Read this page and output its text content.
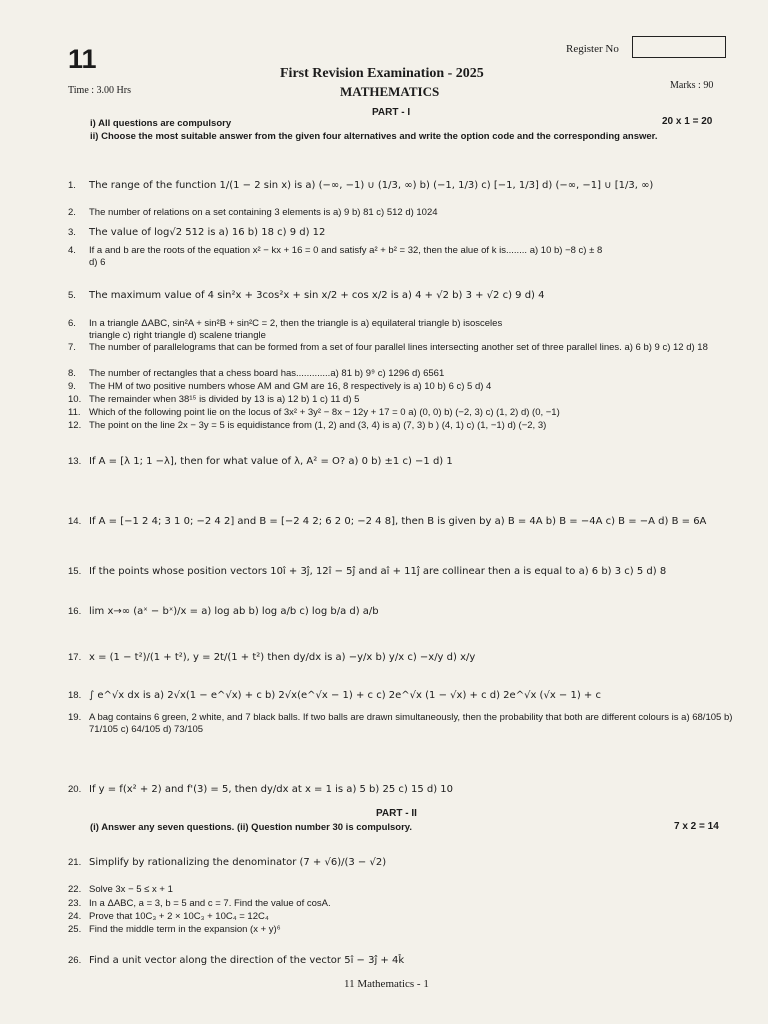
11	Register No
First Revision Examination - 2025
MATHEMATICS
Time : 3.00 Hrs	Marks : 90
PART - I
i) All questions are compulsory	20 x 1 = 20
ii) Choose the most suitable answer from the given four alternatives and write the option code and the corresponding answer.
1. The range of the function 1/(1 − 2 sin x) is a) (−∞, −1) ∪ (1/3, ∞) b) (−1, 1/3) c) [−1, 1/3] d) (−∞, −1] ∪ [1/3, ∞)
2. The number of relations on a set containing 3 elements is a) 9 b) 81 c) 512 d) 1024
3. The value of log√2 512 is a) 16 b) 18 c) 9 d) 12
4. If a and b are the roots of the equation x² − kx + 16 = 0 and satisfy a² + b² = 32, then the alue of k is........ a) 10 b) −8 c) ± 8 d) 6
5. The maximum value of 4 sin²x + 3cos²x + sin x/2 + cos x/2 is a) 4 + √2 b) 3 + √2 c) 9 d) 4
6. In a triangle ΔABC, sin²A + sin²B + sin²C = 2, then the triangle is a) equilateral triangle b) isosceles triangle c) right triangle d) scalene triangle
7. The number of parallelograms that can be formed from a set of four parallel lines intersecting another set of three parallel lines. a) 6 b) 9 c) 12 d) 18
8. The number of rectangles that a chess board has.............a) 81 b) 9⁹ c) 1296 d) 6561
9. The HM of two positive numbers whose AM and GM are 16, 8 respectively is a) 10 b) 6 c) 5 d) 4
10. The remainder when 38¹⁵ is divided by 13 is a) 12 b) 1 c) 11 d) 5
11. Which of the following point lie on the locus of 3x² + 3y² − 8x − 12y + 17 = 0 a) (0, 0) b) (−2, 3) c) (1, 2) d) (0, −1)
12. The point on the line 2x − 3y = 5 is equidistance from (1, 2) and (3, 4) is a) (7, 3) b ) (4, 1) c) (1, −1) d) (−2, 3)
13. If A = [λ 1; 1 −λ], then for what value of λ, A² = O? a) 0 b) ±1 c) −1 d) 1
14. If A = [−1 2 4; 3 1 0; −2 4 2] and B = [−2 4 2; 6 2 0; −2 4 8], then B is given by a) B = 4A b) B = −4A c) B = −A d) B = 6A
15. If the points whose position vectors 10î + 3ĵ, 12î − 5ĵ and aî + 11ĵ are collinear then a is equal to a) 6 b) 3 c) 5 d) 8
16. lim x→∞ (aˣ − bˣ)/x = a) log ab b) log a/b c) log b/a d) a/b
17. x = (1 − t²)/(1 + t²), y = 2t/(1 + t²) then dy/dx is a) −y/x b) y/x c) −x/y d) x/y
18. ∫ e^√x dx is a) 2√x(1 − e^√x) + c b) 2√x(e^√x − 1) + c c) 2e^√x (1 − √x) + c d) 2e^√x (√x − 1) + c
19. A bag contains 6 green, 2 white, and 7 black balls. If two balls are drawn simultaneously, then the probability that both are different colours is a) 68/105 b) 71/105 c) 64/105 d) 73/105
20. If y = f(x² + 2) and f'(3) = 5, then dy/dx at x = 1 is a) 5 b) 25 c) 15 d) 10
PART - II
(i) Answer any seven questions. (ii) Question number 30 is compulsory.	7 x 2 = 14
21. Simplify by rationalizing the denominator (7 + √6)/(3 − √2)
22. Solve 3x − 5 ≤ x + 1
23. In a ΔABC, a = 3, b = 5 and c = 7. Find the value of cosA.
24. Prove that 10C₃ + 2 × 10C₃ + 10C₄ = 12C₄
25. Find the middle term in the expansion (x + y)⁶
26. Find a unit vector along the direction of the vector 5î − 3ĵ + 4k̂
11 Mathematics - 1
